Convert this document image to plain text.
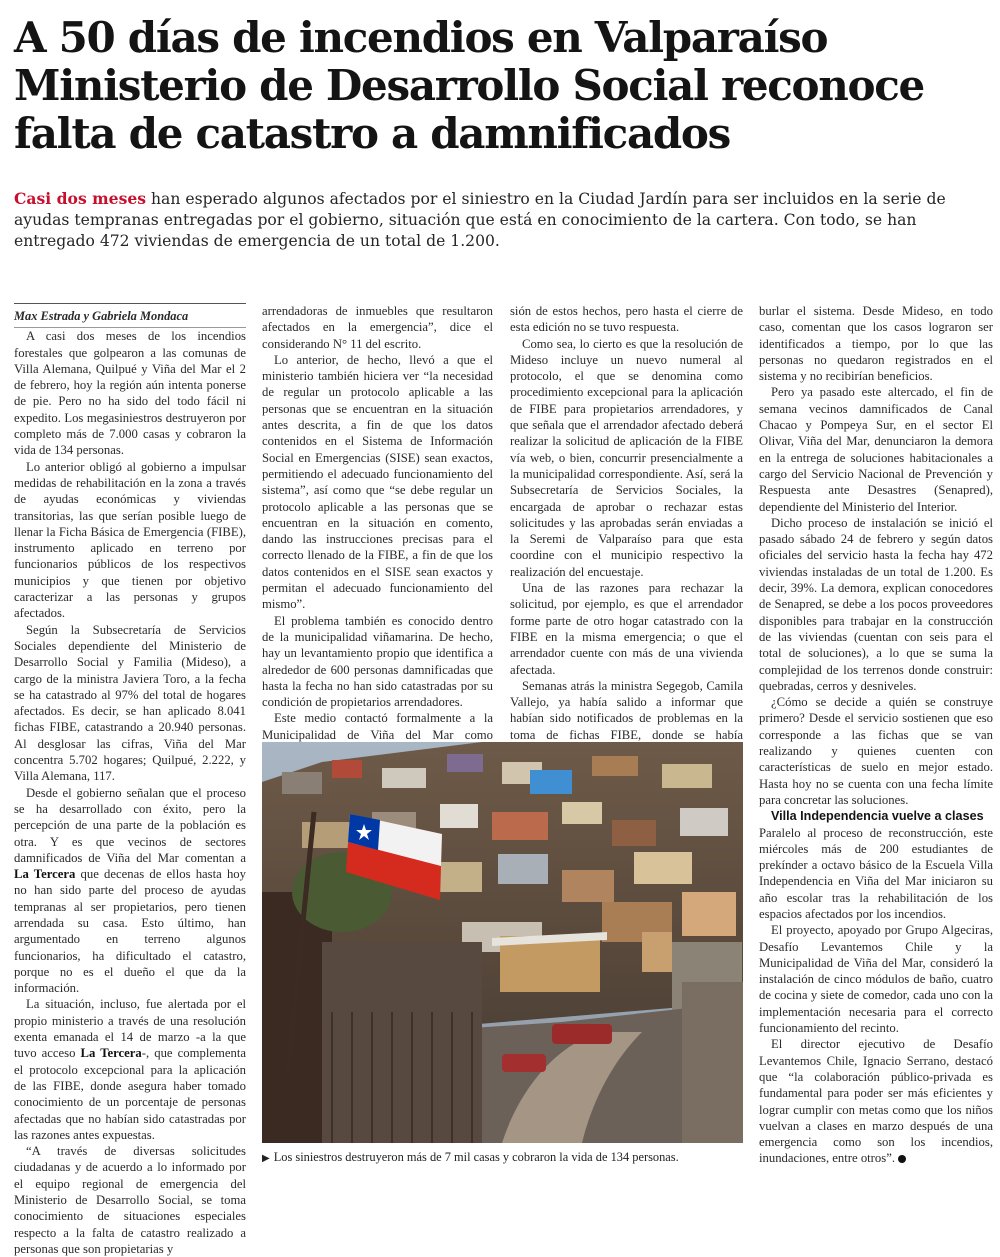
A 50 días de incendios en Valparaíso
Ministerio de Desarrollo Social reconoce
falta de catastro a damnificados

Casi dos meses han esperado algunos afectados por el siniestro en la Ciudad Jardín para ser incluidos en la serie de ayudas tempranas entregadas por el gobierno, situación que está en conocimiento de la cartera. Con todo, se han entregado 472 viviendas de emergencia de un total de 1.200.

Max Estrada y Gabriela Mondaca

A casi dos meses de los incendios forestales que golpearon a las comunas de Villa Alemana, Quilpué y Viña del Mar el 2 de febrero, hoy la región aún intenta ponerse de pie. Pero no ha sido del todo fácil ni expedito. Los megasiniestros destruyeron por completo más de 7.000 casas y cobraron la vida de 134 personas.

Lo anterior obligó al gobierno a impulsar medidas de rehabilitación en la zona a través de ayudas económicas y viviendas transitorias, las que serían posible luego de llenar la Ficha Básica de Emergencia (FIBE), instrumento aplicado en terreno por funcionarios públicos de los respectivos municipios y que tienen por objetivo caracterizar a las personas y grupos afectados.

Según la Subsecretaría de Servicios Sociales dependiente del Ministerio de Desarrollo Social y Familia (Mideso), a cargo de la ministra Javiera Toro, a la fecha se ha catastrado al 97% del total de hogares afectados. Es decir, se han aplicado 8.041 fichas FIBE, catastrando a 20.940 personas. Al desglosar las cifras, Viña del Mar concentra 5.702 hogares; Quilpué, 2.222, y Villa Alemana, 117.

Desde el gobierno señalan que el proceso se ha desarrollado con éxito, pero la percepción de una parte de la población es otra. Y es que vecinos de sectores damnificados de Viña del Mar comentan a La Tercera que decenas de ellos hasta hoy no han sido parte del proceso de ayudas tempranas al ser propietarios, pero tienen arrendada su casa. Esto último, han argumentado en terreno algunos funcionarios, ha dificultado el catastro, porque no es el dueño el que da la información.

La situación, incluso, fue alertada por el propio ministerio a través de una resolución exenta emanada el 14 de marzo -a la que tuvo acceso La Tercera-, que complementa el protocolo excepcional para la aplicación de las FIBE, donde asegura haber tomado conocimiento de un porcentaje de personas afectadas que no habían sido catastradas por las razones antes expuestas.

“A través de diversas solicitudes ciudadanas y de acuerdo a lo informado por el equipo regional de emergencia del Ministerio de Desarrollo Social, se toma conocimiento de situaciones especiales respecto a la falta de catastro realizado a personas que son propietarias y

arrendadoras de inmuebles que resultaron afectados en la emergencia”, dice el considerando N° 11 del escrito.

Lo anterior, de hecho, llevó a que el ministerio también hiciera ver “la necesidad de regular un protocolo aplicable a las personas que se encuentran en la situación antes descrita, a fin de que los datos contenidos en el Sistema de Información Social en Emergencias (SISE) sean exactos, permitiendo el adecuado funcionamiento del sistema”, así como que “se debe regular un protocolo aplicable a las personas que se encuentran en la situación en comento, dando las instrucciones precisas para el correcto llenado de la FIBE, a fin de que los datos contenidos en el SISE sean exactos y permitan el adecuado funcionamiento del mismo”.

El problema también es conocido dentro de la municipalidad viñamarina. De hecho, hay un levantamiento propio que identifica a alrededor de 600 personas damnificadas que hasta la fecha no han sido catastradas por su condición de propietarios arrendadores.

Este medio contactó formalmente a la Municipalidad de Viña del Mar como

sión de estos hechos, pero hasta el cierre de esta edición no se tuvo respuesta.

Como sea, lo cierto es que la resolución de Mideso incluye un nuevo numeral al protocolo, el que se denomina como procedimiento excepcional para la aplicación de FIBE para propietarios arrendadores, y que señala que el arrendador afectado deberá realizar la solicitud de aplicación de la FIBE vía web, o bien, concurrir presencialmente a la municipalidad correspondiente. Así, será la Subsecretaría de Servicios Sociales, la encargada de aprobar o rechazar estas solicitudes y las aprobadas serán enviadas a la Seremi de Valparaíso para que esta coordine con el municipio respectivo la realización del encuestaje.

Una de las razones para rechazar la solicitud, por ejemplo, es que el arrendador forme parte de otro hogar catastrado con la FIBE en la misma emergencia; o que el arrendador cuente con más de una vivienda afectada.

Semanas atrás la ministra Segegob, Camila Vallejo, ya había salido a informar que habían sido notificados de problemas en la toma de fichas FIBE, donde se había

burlar el sistema. Desde Mideso, en todo caso, comentan que los casos lograron ser identificados a tiempo, por lo que las personas no quedaron registrados en el sistema y no recibirían beneficios.

Pero ya pasado este altercado, el fin de semana vecinos damnificados de Canal Chacao y Pompeya Sur, en el sector El Olivar, Viña del Mar, denunciaron la demora en la entrega de soluciones habitacionales a cargo del Servicio Nacional de Prevención y Respuesta ante Desastres (Senapred), dependiente del Ministerio del Interior.

Dicho proceso de instalación se inició el pasado sábado 24 de febrero y según datos oficiales del servicio hasta la fecha hay 472 viviendas instaladas de un total de 1.200. Es decir, 39%. La demora, explican conocedores de Senapred, se debe a los pocos proveedores disponibles para trabajar en la construcción de las viviendas (cuentan con seis para el total de soluciones), a lo que se suma la complejidad de los terrenos donde construir: quebradas, cerros y desniveles.

¿Cómo se decide a quién se construye primero? Desde el servicio sostienen que eso corresponde a las fichas que se van realizando y quienes cuenten con características de suelo en mejor estado. Hasta hoy no se cuenta con una fecha límite para concretar las soluciones.

Villa Independencia vuelve a clases

Paralelo al proceso de reconstrucción, este miércoles más de 200 estudiantes de prekínder a octavo básico de la Escuela Villa Independencia en Viña del Mar iniciaron su año escolar tras la rehabilitación de los espacios afectados por los incendios.

El proyecto, apoyado por Grupo Algeciras, Desafío Levantemos Chile y la Municipalidad de Viña del Mar, consideró la instalación de cinco módulos de baño, cuatro de cocina y siete de comedor, cada uno con la implementación necesaria para el correcto funcionamiento del recinto.

El director ejecutivo de Desafío Levantemos Chile, Ignacio Serrano, destacó que “la colaboración público-privada es fundamental para poder ser más eficientes y lograr cumplir con metas como que los niños vuelvan a clases en marzo después de una emergencia como son los incendios, inundaciones, entre otros”.

▶ Los siniestros destruyeron más de 7 mil casas y cobraron la vida de 134 personas.
